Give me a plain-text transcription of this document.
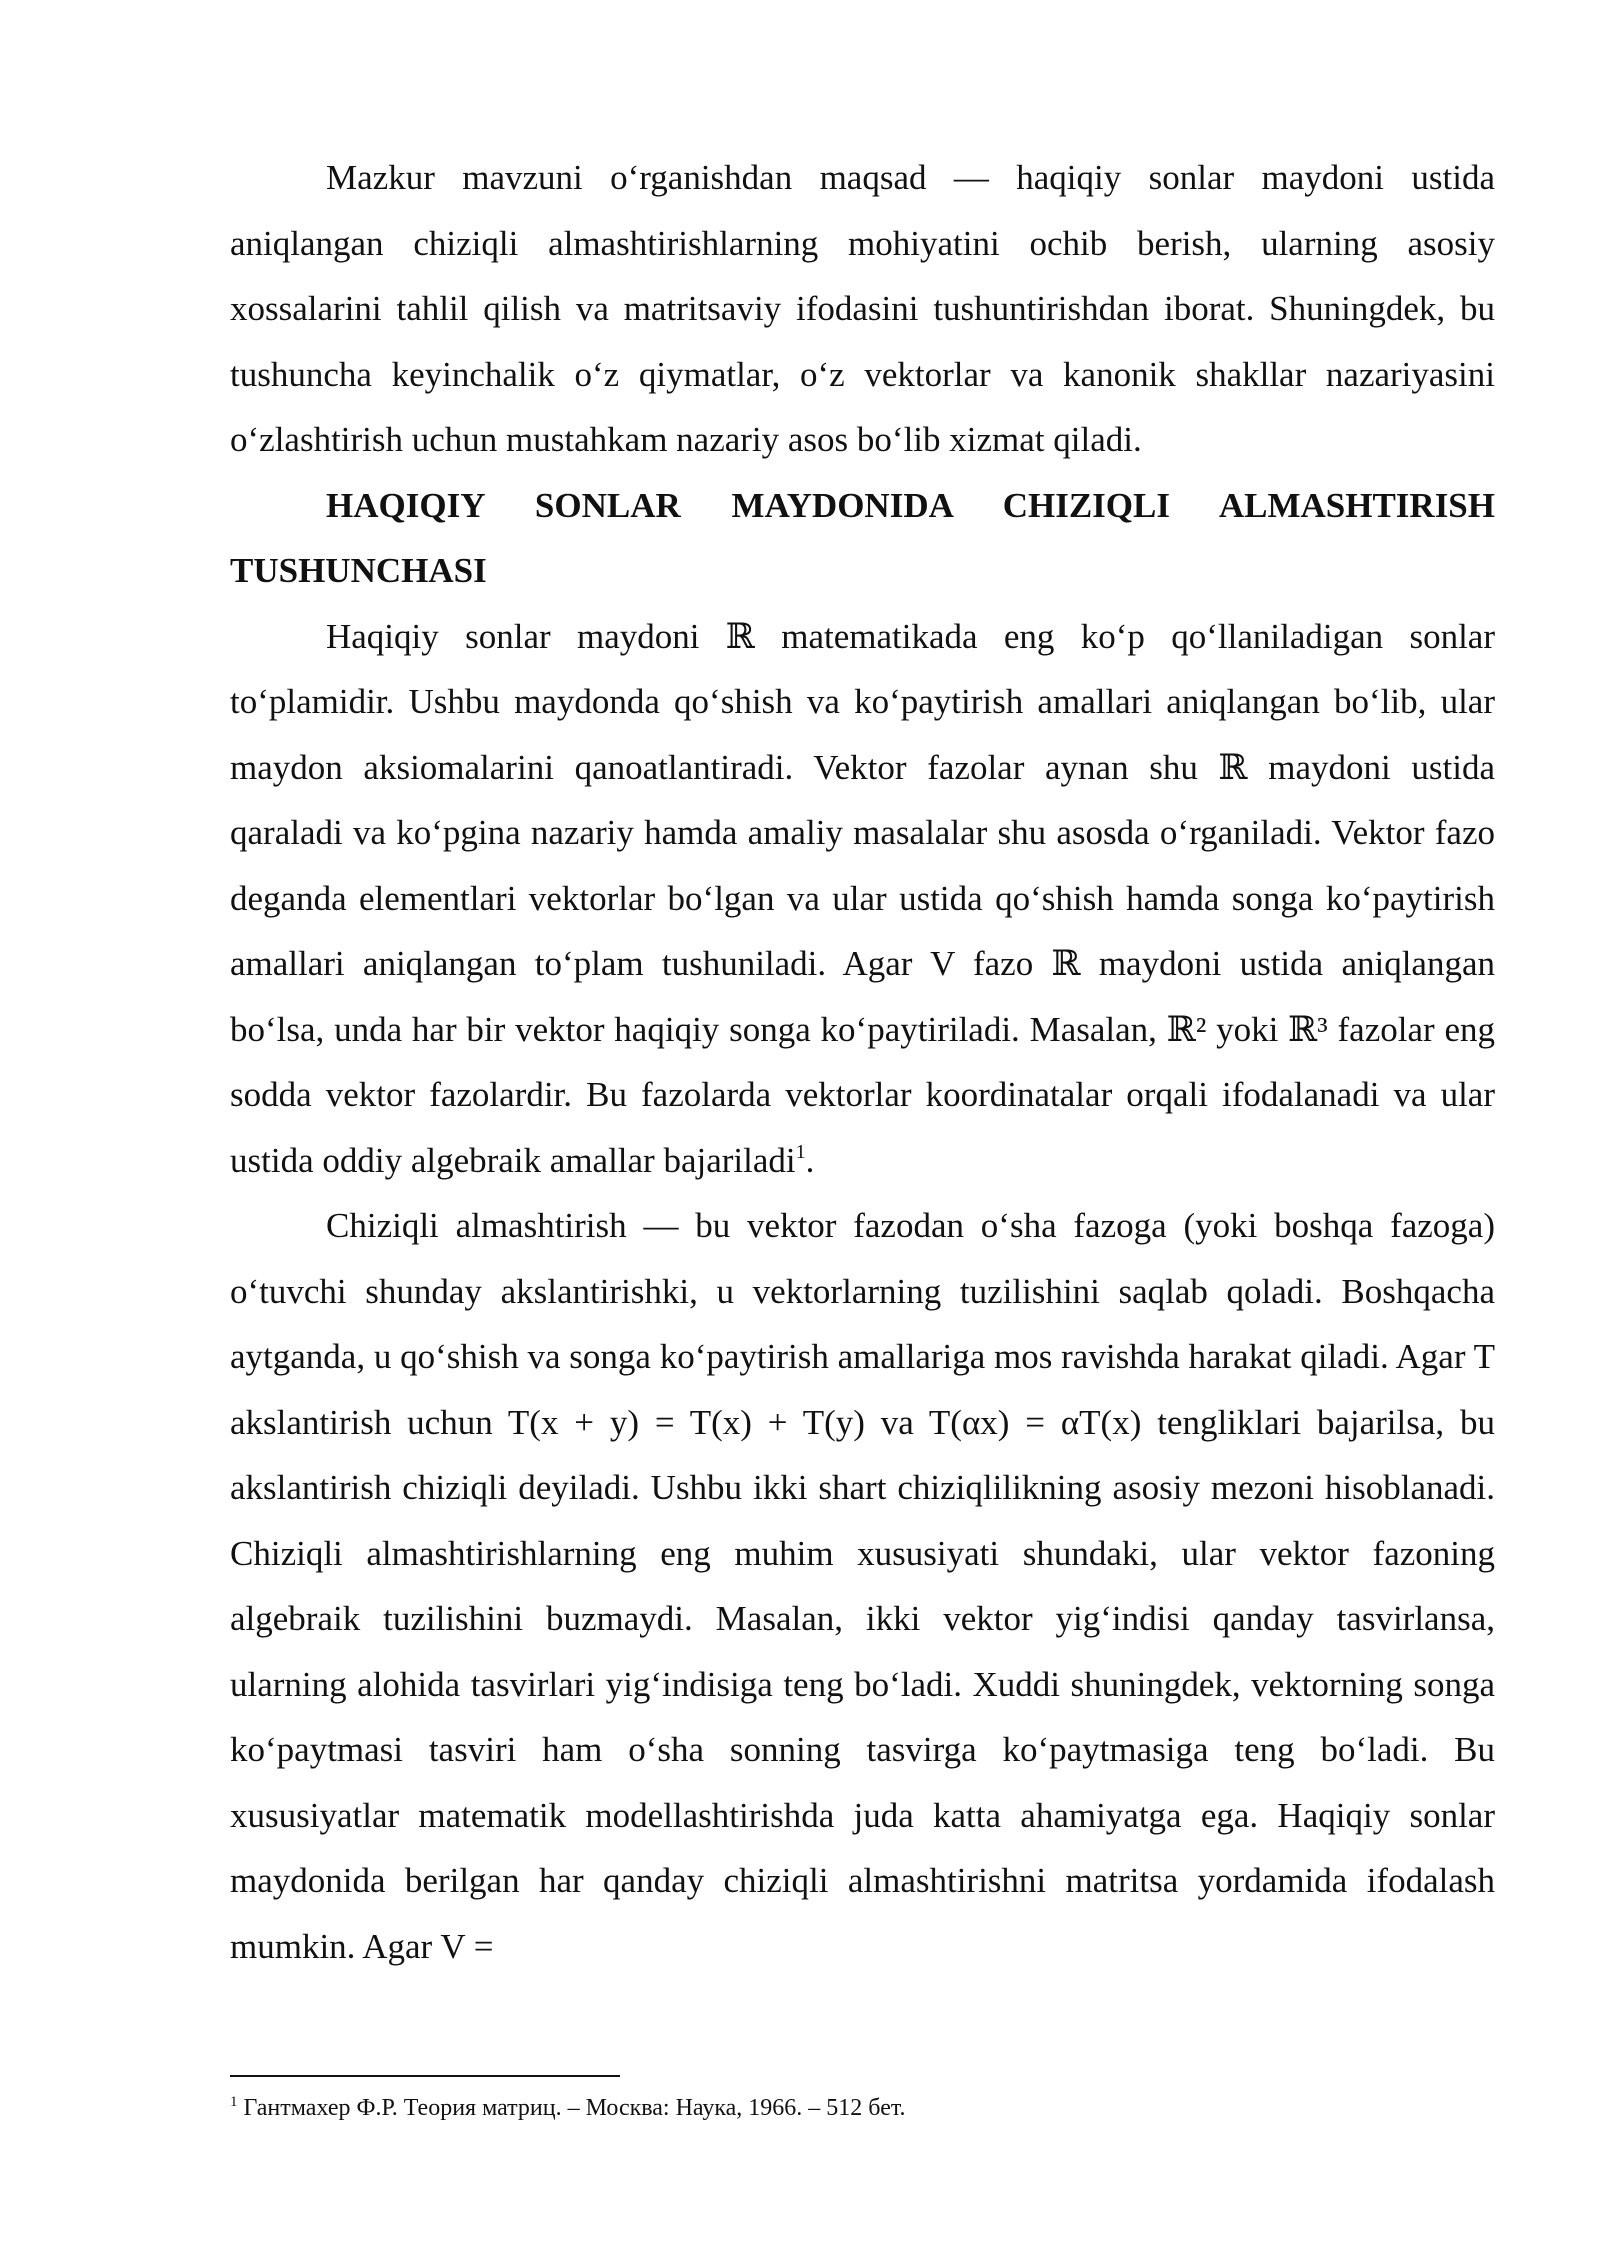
Mazkur mavzuni o‘rganishdan maqsad — haqiqiy sonlar maydoni ustida aniqlangan chiziqli almashtirishlarning mohiyatini ochib berish, ularning asosiy xossalarini tahlil qilish va matritsaviy ifodasini tushuntirishdan iborat. Shuningdek, bu tushuncha keyinchalik o‘z qiymatlar, o‘z vektorlar va kanonik shakllar nazariyasini o‘zlashtirish uchun mustahkam nazariy asos bo‘lib xizmat qiladi.

HAQIQIY SONLAR MAYDONIDA CHIZIQLI ALMASHTIRISH TUSHUNCHASI

Haqiqiy sonlar maydoni ℝ matematikada eng ko‘p qo‘llaniladigan sonlar to‘plamidir. Ushbu maydonda qo‘shish va ko‘paytirish amallari aniqlangan bo‘lib, ular maydon aksiomalarini qanoatlantiradi. Vektor fazolar aynan shu ℝ maydoni ustida qaraladi va ko‘pgina nazariy hamda amaliy masalalar shu asosda o‘rganiladi. Vektor fazo deganda elementlari vektorlar bo‘lgan va ular ustida qo‘shish hamda songa ko‘paytirish amallari aniqlangan to‘plam tushuniladi. Agar V fazo ℝ maydoni ustida aniqlangan bo‘lsa, unda har bir vektor haqiqiy songa ko‘paytiriladi. Masalan, ℝ² yoki ℝ³ fazolar eng sodda vektor fazolardir. Bu fazolarda vektorlar koordinatalar orqali ifodalanadi va ular ustida oddiy algebraik amallar bajariladi$^1$.

Chiziqli almashtirish — bu vektor fazodan o‘sha fazoga (yoki boshqa fazoga) o‘tuvchi shunday akslantirishki, u vektorlarning tuzilishini saqlab qoladi. Boshqacha aytganda, u qo‘shish va songa ko‘paytirish amallariga mos ravishda harakat qiladi. Agar T akslantirish uchun T(x + y) = T(x) + T(y) va T(αx) = αT(x) tengliklari bajarilsa, bu akslantirish chiziqli deyiladi. Ushbu ikki shart chiziqlilikning asosiy mezoni hisoblanadi. Chiziqli almashtirishlarning eng muhim xususiyati shundaki, ular vektor fazoning algebraik tuzilishini buzmaydi. Masalan, ikki vektor yig‘indisi qanday tasvirlansa, ularning alohida tasvirlari yig‘indisiga teng bo‘ladi. Xuddi shuningdek, vektorning songa ko‘paytmasi tasviri ham o‘sha sonning tasvirga ko‘paytmasiga teng bo‘ladi. Bu xususiyatlar matematik modellashtirishda juda katta ahamiyatga ega. Haqiqiy sonlar maydonida berilgan har qanday chiziqli almashtirishni matritsa yordamida ifodalash mumkin. Agar V =

$^1$ Гантмахер Ф.Р. Теория матриц. – Москва: Наука, 1966. – 512 бет.
